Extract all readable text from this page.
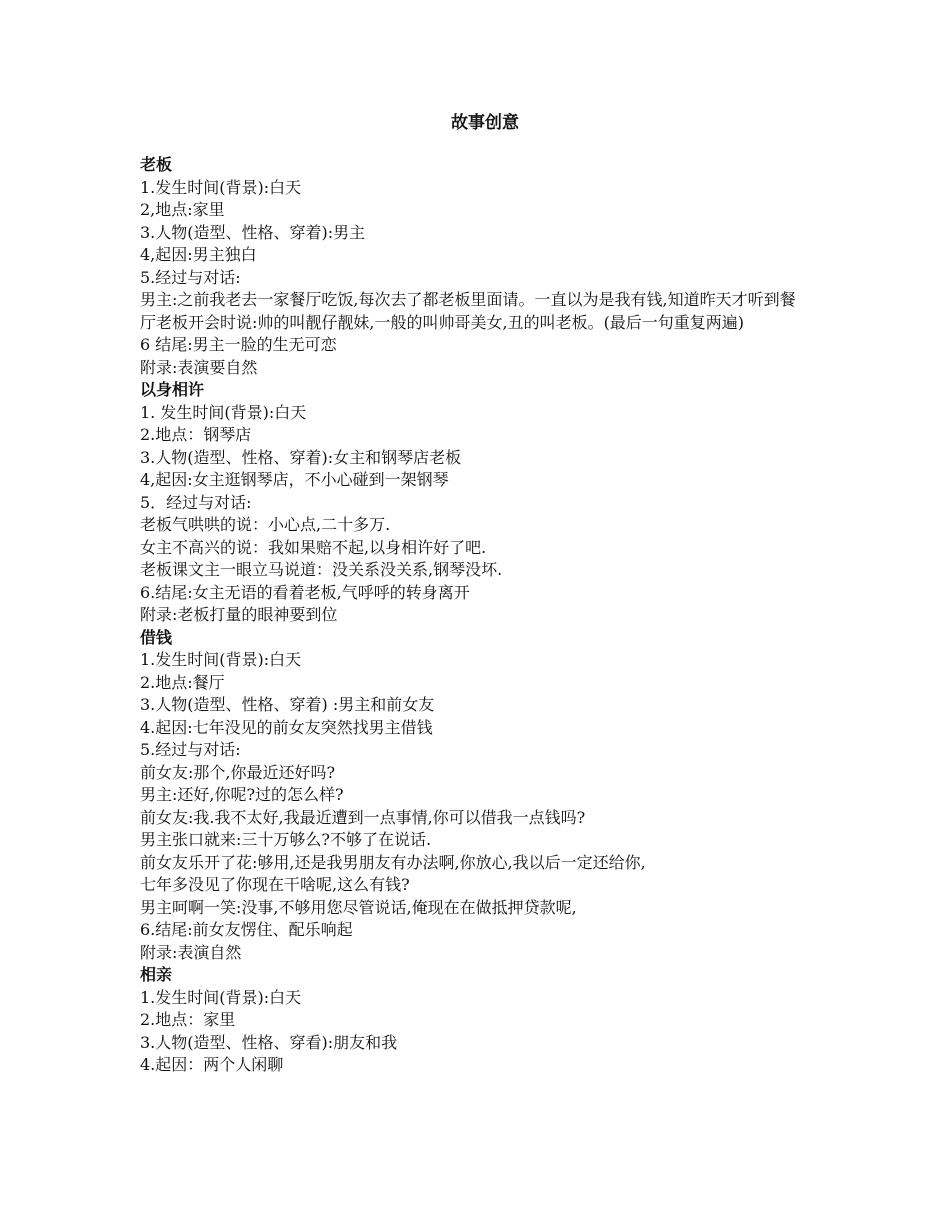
故事创意
老板
1.发生时间(背景):白天
2,地点:家里
3.人物(造型、性格、穿着):男主
4,起因:男主独白
5.经过与对话:
男主:之前我老去一家餐厅吃饭,每次去了都老板里面请。一直以为是我有钱,知道昨天才听到餐厅老板开会时说:帅的叫靓仔靓妹,一般的叫帅哥美女,丑的叫老板。(最后一句重复两遍)
6 结尾:男主一脸的生无可恋
附录:表演要自然
以身相许
1. 发生时间(背景):白天
2.地点：钢琴店
3.人物(造型、性格、穿着):女主和钢琴店老板
4,起因:女主逛钢琴店，不小心碰到一架钢琴
5．经过与对话:
老板气哄哄的说：小心点,二十多万.
女主不高兴的说：我如果赔不起,以身相许好了吧.
老板课文主一眼立马说道：没关系没关系,钢琴没坏.
6.结尾:女主无语的看着老板,气呼呼的转身离开
附录:老板打量的眼神要到位
借钱
1.发生时间(背景):白天
2.地点:餐厅
3.人物(造型、性格、穿着) :男主和前女友
4.起因:七年没见的前女友突然找男主借钱
5.经过与对话:
前女友:那个,你最近还好吗?
男主:还好,你呢?过的怎么样?
前女友:我.我不太好,我最近遭到一点事情,你可以借我一点钱吗?
男主张口就来:三十万够么?不够了在说话.
前女友乐开了花:够用,还是我男朋友有办法啊,你放心,我以后一定还给你,
七年多没见了你现在干啥呢,这么有钱?
男主呵啊一笑:没事,不够用您尽管说话,俺现在在做抵押贷款呢,
6.结尾:前女友愣住、配乐响起
附录:表演自然
相亲
1.发生时间(背景):白天
2.地点：家里
3.人物(造型、性格、穿看):朋友和我
4.起因：两个人闲聊
